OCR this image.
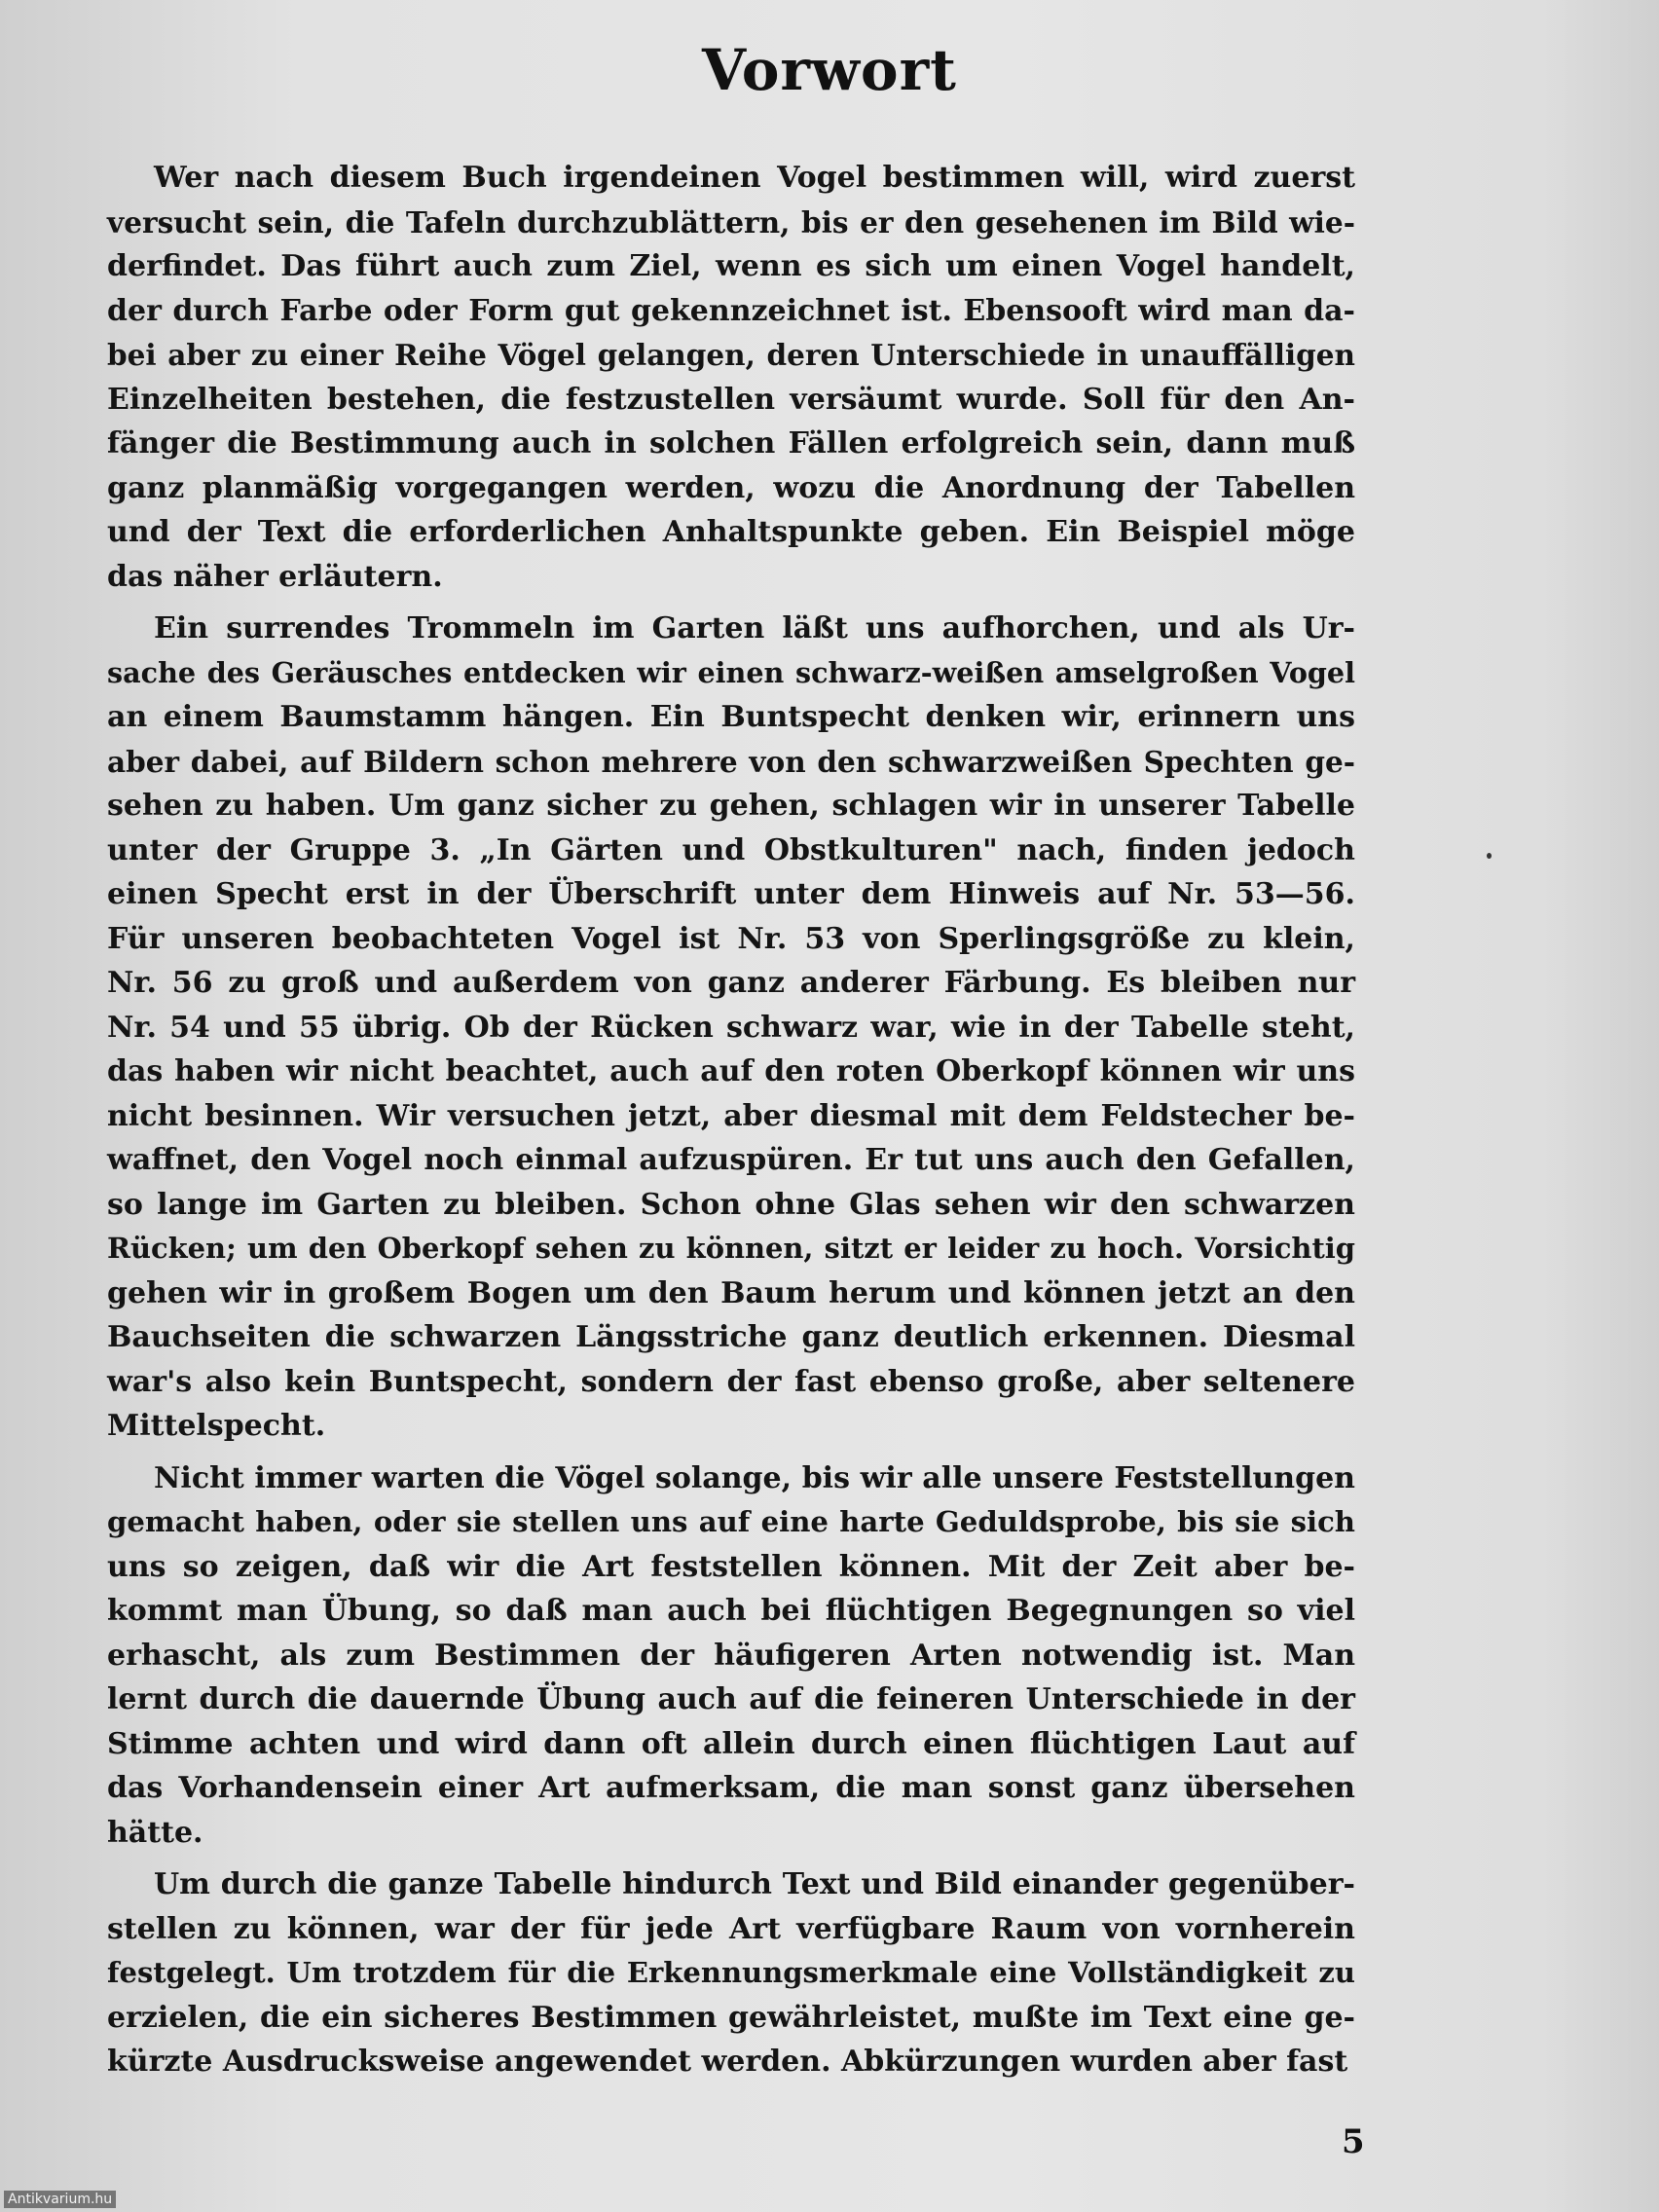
Vorwort
Wer nach diesem Buch irgendeinen Vogel bestimmen will, wird zuerst
versucht sein, die Tafeln durchzublättern, bis er den gesehenen im Bild wie-
derfindet. Das führt auch zum Ziel, wenn es sich um einen Vogel handelt,
der durch Farbe oder Form gut gekennzeichnet ist. Ebensooft wird man da-
bei aber zu einer Reihe Vögel gelangen, deren Unterschiede in unauffälligen
Einzelheiten bestehen, die festzustellen versäumt wurde. Soll für den An-
fänger die Bestimmung auch in solchen Fällen erfolgreich sein, dann muß
ganz planmäßig vorgegangen werden, wozu die Anordnung der Tabellen
und der Text die erforderlichen Anhaltspunkte geben. Ein Beispiel möge
das näher erläutern.
Ein surrendes Trommeln im Garten läßt uns aufhorchen, und als Ur-
sache des Geräusches entdecken wir einen schwarz-weißen amselgroßen Vogel
an einem Baumstamm hängen. Ein Buntspecht denken wir, erinnern uns
aber dabei, auf Bildern schon mehrere von den schwarzweißen Spechten ge-
sehen zu haben. Um ganz sicher zu gehen, schlagen wir in unserer Tabelle
unter der Gruppe 3. „In Gärten und Obstkulturen" nach, finden jedoch
einen Specht erst in der Überschrift unter dem Hinweis auf Nr. 53—56.
Für unseren beobachteten Vogel ist Nr. 53 von Sperlingsgröße zu klein,
Nr. 56 zu groß und außerdem von ganz anderer Färbung. Es bleiben nur
Nr. 54 und 55 übrig. Ob der Rücken schwarz war, wie in der Tabelle steht,
das haben wir nicht beachtet, auch auf den roten Oberkopf können wir uns
nicht besinnen. Wir versuchen jetzt, aber diesmal mit dem Feldstecher be-
waffnet, den Vogel noch einmal aufzuspüren. Er tut uns auch den Gefallen,
so lange im Garten zu bleiben. Schon ohne Glas sehen wir den schwarzen
Rücken; um den Oberkopf sehen zu können, sitzt er leider zu hoch. Vorsichtig
gehen wir in großem Bogen um den Baum herum und können jetzt an den
Bauchseiten die schwarzen Längsstriche ganz deutlich erkennen. Diesmal
war's also kein Buntspecht, sondern der fast ebenso große, aber seltenere
Mittelspecht.
Nicht immer warten die Vögel solange, bis wir alle unsere Feststellungen
gemacht haben, oder sie stellen uns auf eine harte Geduldsprobe, bis sie sich
uns so zeigen, daß wir die Art feststellen können. Mit der Zeit aber be-
kommt man Übung, so daß man auch bei flüchtigen Begegnungen so viel
erhascht, als zum Bestimmen der häufigeren Arten notwendig ist. Man
lernt durch die dauernde Übung auch auf die feineren Unterschiede in der
Stimme achten und wird dann oft allein durch einen flüchtigen Laut auf
das Vorhandensein einer Art aufmerksam, die man sonst ganz übersehen
hätte.
Um durch die ganze Tabelle hindurch Text und Bild einander gegenüber-
stellen zu können, war der für jede Art verfügbare Raum von vornherein
festgelegt. Um trotzdem für die Erkennungsmerkmale eine Vollständigkeit zu
erzielen, die ein sicheres Bestimmen gewährleistet, mußte im Text eine ge-
kürzte Ausdrucksweise angewendet werden. Abkürzungen wurden aber fast
5
Antikvarium.hu
